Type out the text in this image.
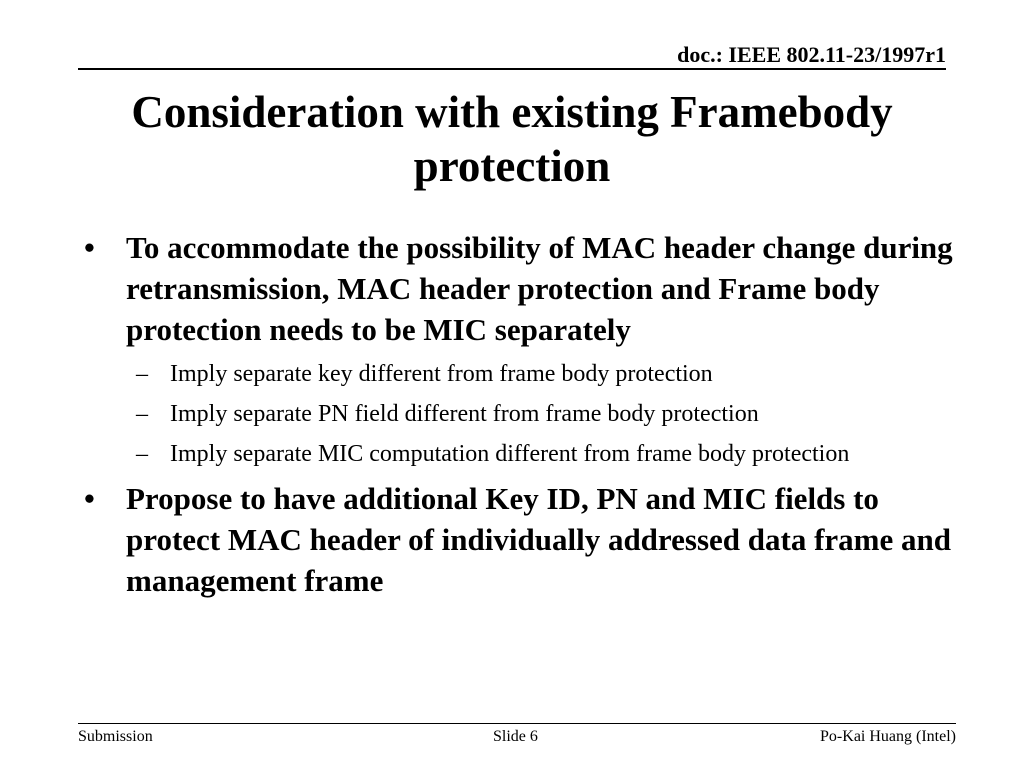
doc.: IEEE 802.11-23/1997r1
Consideration with existing Framebody protection
• To accommodate the possibility of MAC header change during retransmission, MAC header protection and Frame body protection needs to be MIC separately
– Imply separate key different from frame body protection
– Imply separate PN field different from frame body protection
– Imply separate MIC computation different from frame body protection
• Propose to have additional Key ID, PN and MIC fields to protect MAC header of individually addressed data frame and management frame
Submission	Slide 6	Po-Kai Huang (Intel)
